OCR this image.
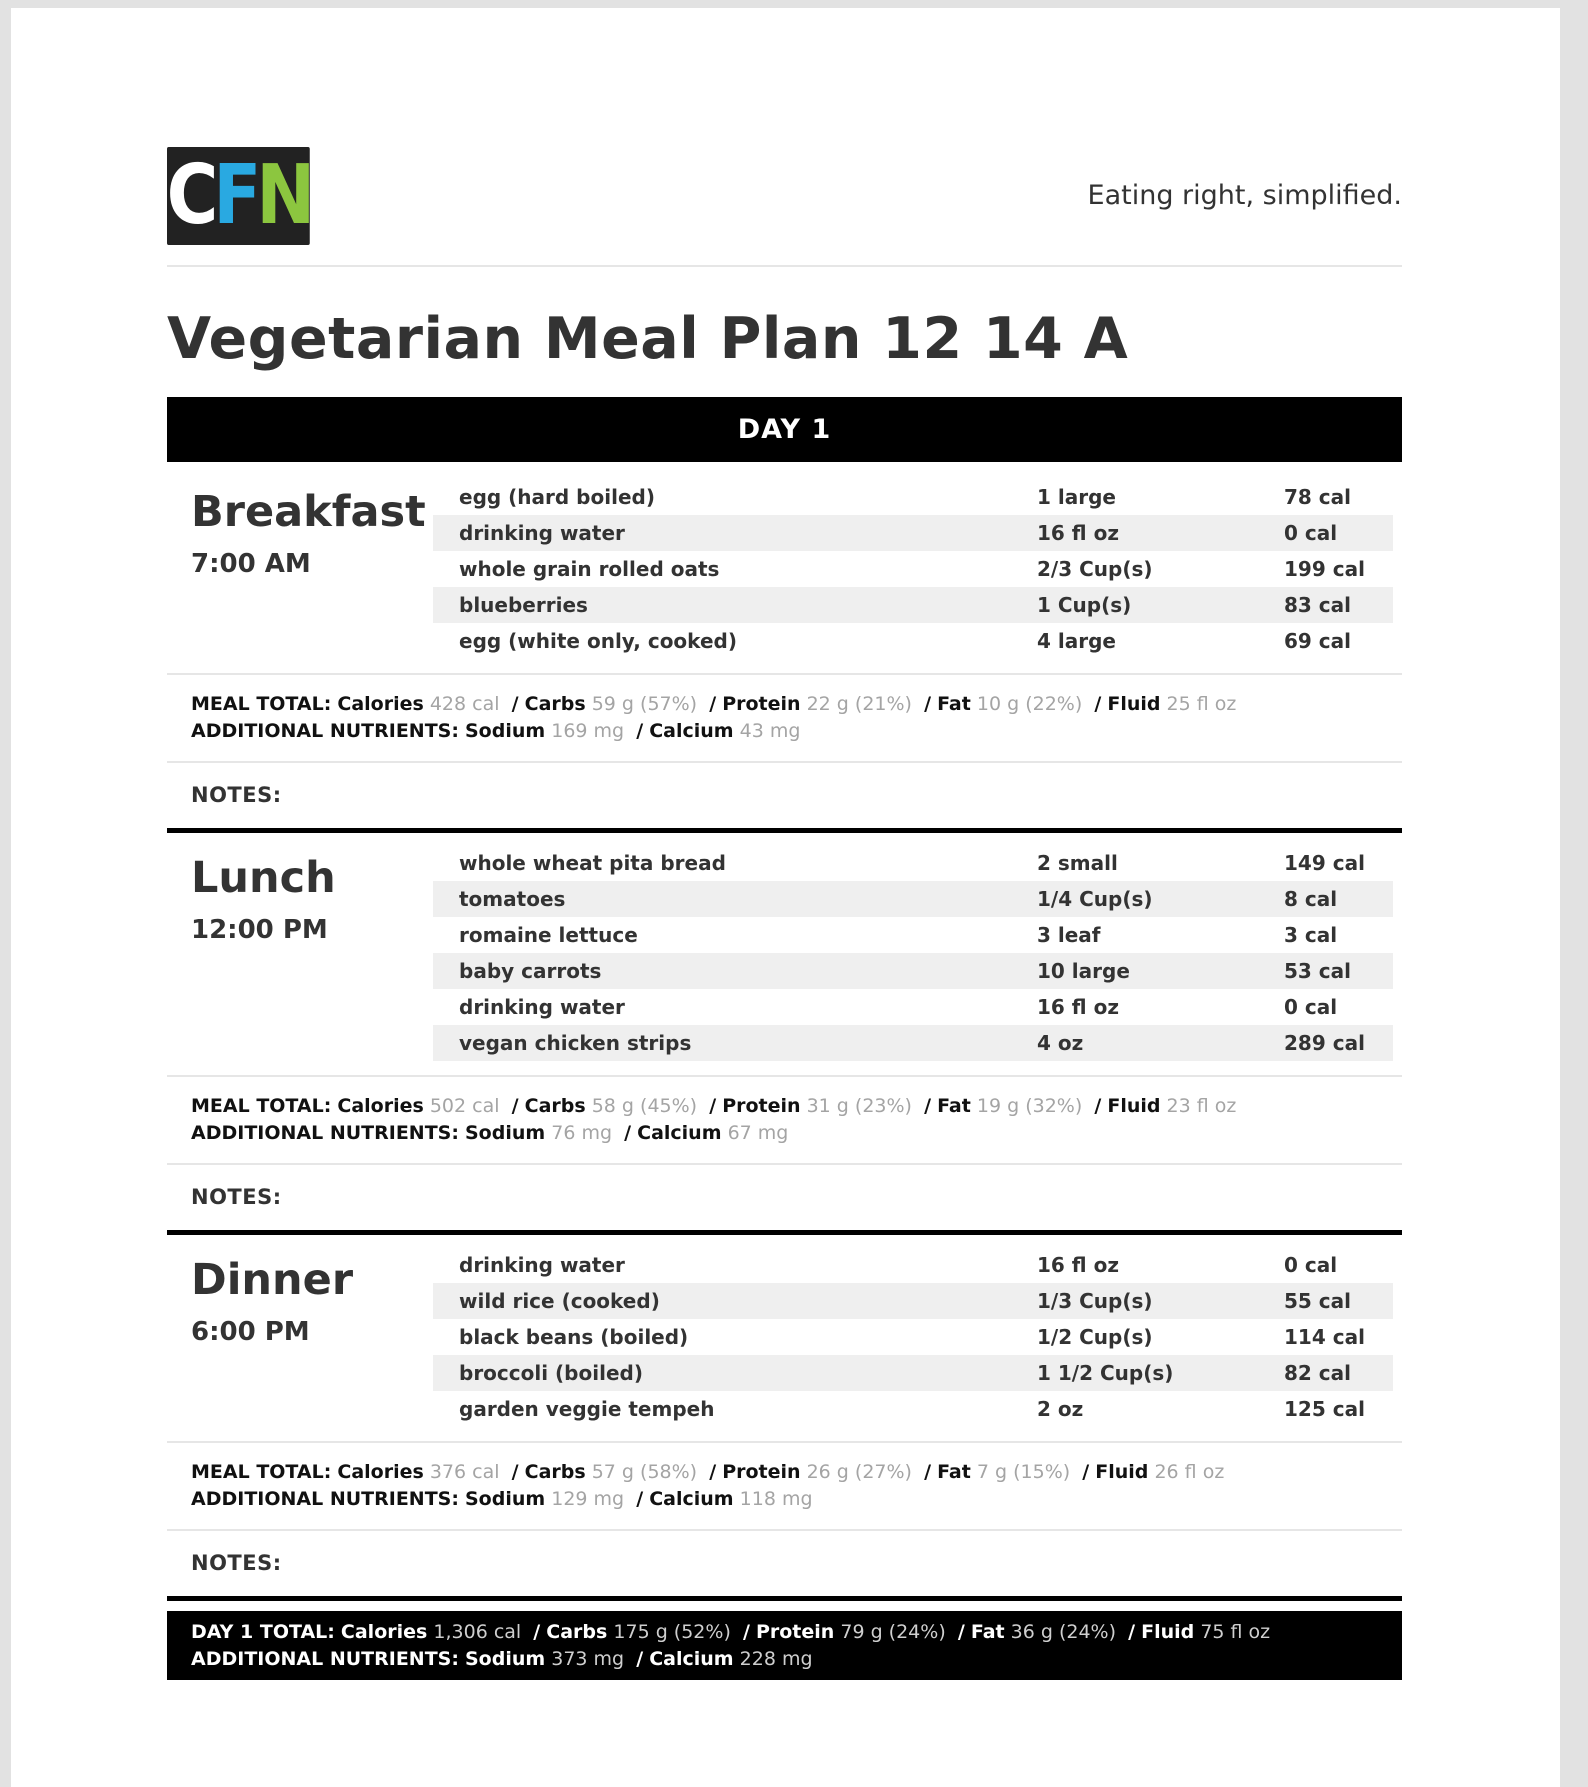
C F N	Eating right, simplified.
Vegetarian Meal Plan 12 14 A
DAY 1
Breakfast
7:00 AM
egg (hard boiled)	1 large	78 cal
drinking water	16 fl oz	0 cal
whole grain rolled oats	2/3 Cup(s)	199 cal
blueberries	1 Cup(s)	83 cal
egg (white only, cooked)	4 large	69 cal
MEAL TOTAL: Calories 428 cal / Carbs 59 g (57%) / Protein 22 g (21%) / Fat 10 g (22%) / Fluid 25 fl oz
ADDITIONAL NUTRIENTS: Sodium 169 mg / Calcium 43 mg
NOTES:
Lunch
12:00 PM
whole wheat pita bread	2 small	149 cal
tomatoes	1/4 Cup(s)	8 cal
romaine lettuce	3 leaf	3 cal
baby carrots	10 large	53 cal
drinking water	16 fl oz	0 cal
vegan chicken strips	4 oz	289 cal
MEAL TOTAL: Calories 502 cal / Carbs 58 g (45%) / Protein 31 g (23%) / Fat 19 g (32%) / Fluid 23 fl oz
ADDITIONAL NUTRIENTS: Sodium 76 mg / Calcium 67 mg
NOTES:
Dinner
6:00 PM
drinking water	16 fl oz	0 cal
wild rice (cooked)	1/3 Cup(s)	55 cal
black beans (boiled)	1/2 Cup(s)	114 cal
broccoli (boiled)	1 1/2 Cup(s)	82 cal
garden veggie tempeh	2 oz	125 cal
MEAL TOTAL: Calories 376 cal / Carbs 57 g (58%) / Protein 26 g (27%) / Fat 7 g (15%) / Fluid 26 fl oz
ADDITIONAL NUTRIENTS: Sodium 129 mg / Calcium 118 mg
NOTES:
DAY 1 TOTAL: Calories 1,306 cal / Carbs 175 g (52%) / Protein 79 g (24%) / Fat 36 g (24%) / Fluid 75 fl oz
ADDITIONAL NUTRIENTS: Sodium 373 mg / Calcium 228 mg
